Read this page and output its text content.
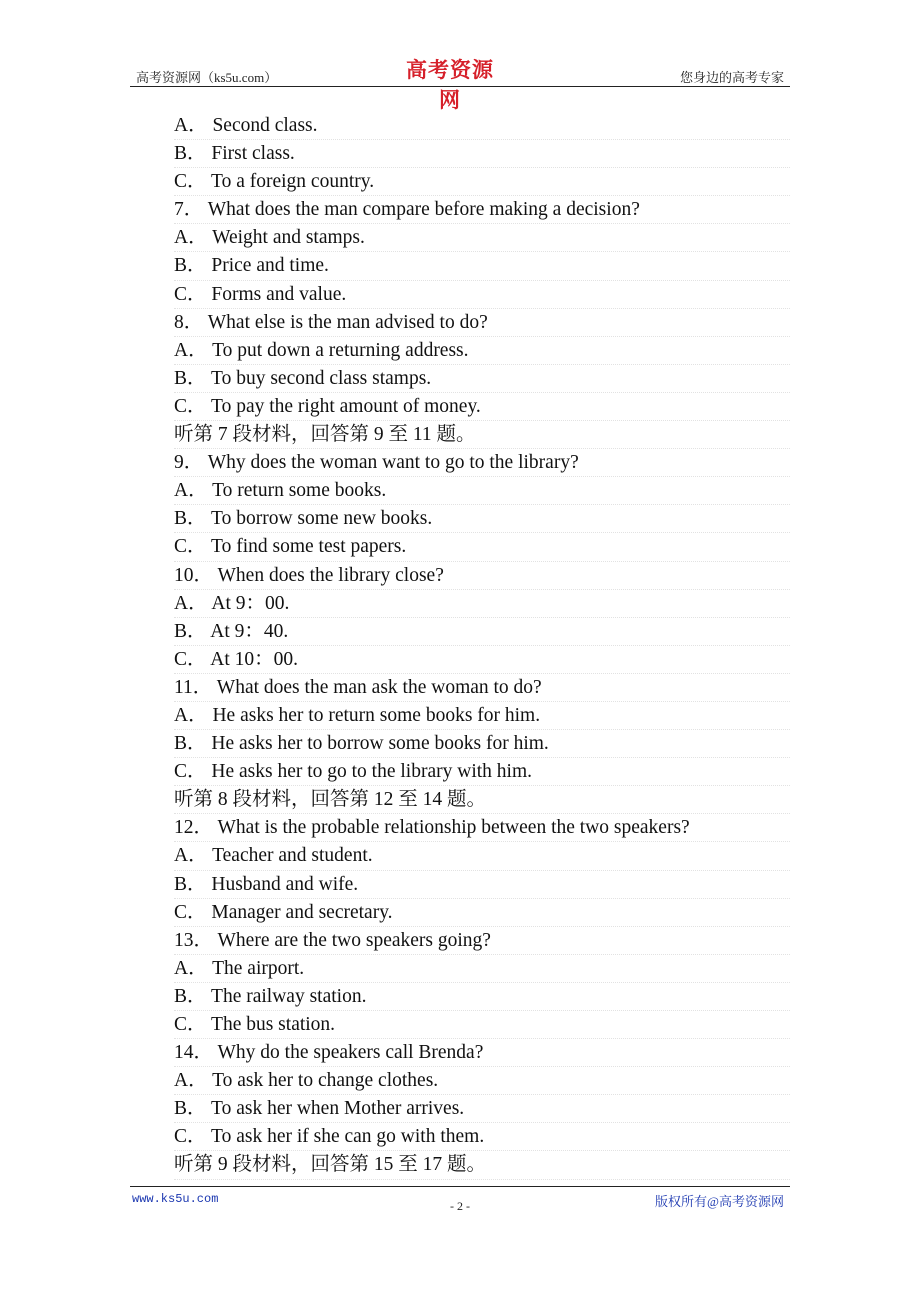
高考资源网（ks5u.com）	高考资源网
您身边的高考专家
A． Second class.
B． First class.
C． To a foreign country.
7． What does the man compare before making a decision?
A． Weight and stamps.
B． Price and time.
C． Forms and value.
8． What else is the man advised to do?
A． To put down a returning address.
B． To buy second class stamps.
C． To pay the right amount of money.
听第 7 段材料，回答第 9 至 11 题。
9． Why does the woman want to go to the library?
A． To return some books.
B． To borrow some new books.
C． To find some test papers.
10． When does the library close?
A． At 9：00.
B． At 9：40.
C． At 10：00.
11． What does the man ask the woman to do?
A． He asks her to return some books for him.
B． He asks her to borrow some books for him.
C． He asks her to go to the library with him.
听第 8 段材料，回答第 12 至 14 题。
12． What is the probable relationship between the two speakers?
A． Teacher and student.
B． Husband and wife.
C． Manager and secretary.
13． Where are the two speakers going?
A． The airport.
B． The railway station.
C． The bus station.
14． Why do the speakers call Brenda?
A． To ask her to change clothes.
B． To ask her when Mother arrives.
C． To ask her if she can go with them.
听第 9 段材料，回答第 15 至 17 题。
www.ks5u.com	- 2 -	版权所有@高考资源网
